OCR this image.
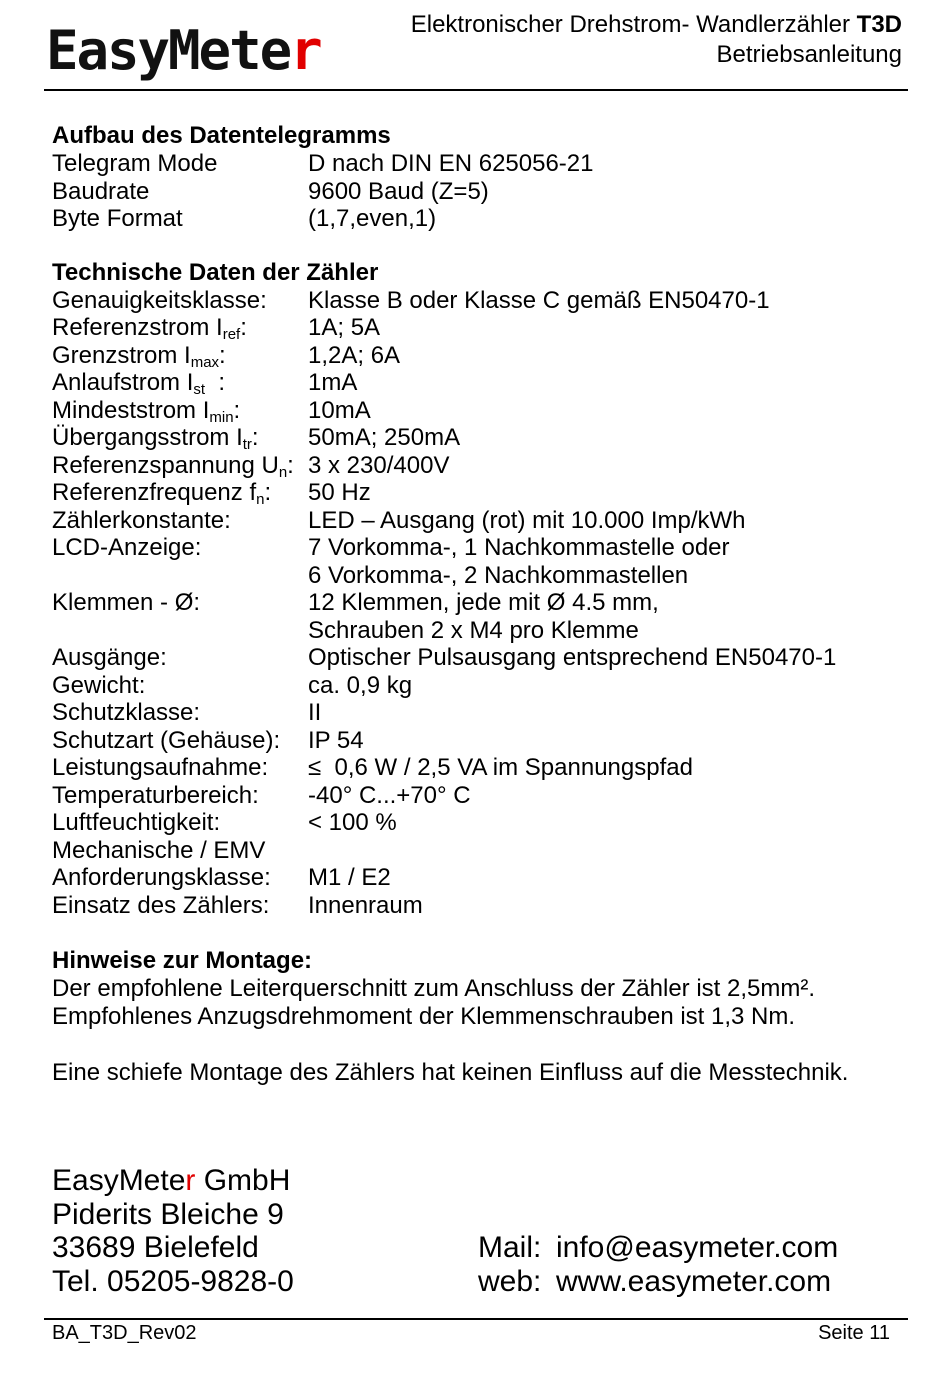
EasyMeter	Elektronischer Drehstrom- Wandlerzähler T3D
Betriebsanleitung
Aufbau des Datentelegramms
Telegram Mode	D nach DIN EN 625056-21
Baudrate	9600 Baud (Z=5)
Byte Format	(1,7,even,1)
Technische Daten der Zähler
Genauigkeitsklasse:	Klasse B oder Klasse C gemäß EN50470-1
Referenzstrom $I_{ref}$:	1A; 5A
Grenzstrom $I_{max}$:	1,2A; 6A
Anlaufstrom $I_{st}$  :	1mA
Mindeststrom $I_{min}$:	10mA
Übergangsstrom $I_{tr}$:	50mA; 250mA
Referenzspannung $U_n$: 3 x 230/400V
Referenzfrequenz $f_n$:	50 Hz
Zählerkonstante:	LED – Ausgang (rot) mit 10.000 Imp/kWh
LCD-Anzeige:	7 Vorkomma-, 1 Nachkommastelle oder
6 Vorkomma-, 2 Nachkommastellen
Klemmen - Ø:	12 Klemmen, jede mit Ø 4.5 mm,
Schrauben 2 x M4 pro Klemme
Ausgänge:	Optischer Pulsausgang entsprechend EN50470-1
Gewicht:	ca. 0,9 kg
Schutzklasse:	II
Schutzart (Gehäuse):	IP 54
Leistungsaufnahme:	≤  0,6 W / 2,5 VA im Spannungspfad
Temperaturbereich:	-40° C...+70° C
Luftfeuchtigkeit:	< 100 %
Mechanische / EMV
Anforderungsklasse:	M1 / E2
Einsatz des Zählers:	Innenraum
Hinweise zur Montage:
Der empfohlene Leiterquerschnitt zum Anschluss der Zähler ist 2,5mm².
Empfohlenes Anzugsdrehmoment der Klemmenschrauben ist 1,3 Nm.
Eine schiefe Montage des Zählers hat keinen Einfluss auf die Messtechnik.
EasyMeter GmbH
Piderits Bleiche 9
33689 Bielefeld
Tel. 05205-9828-0
Mail: info@easymeter.com
web: www.easymeter.com
BA_T3D_Rev02	Seite 11
